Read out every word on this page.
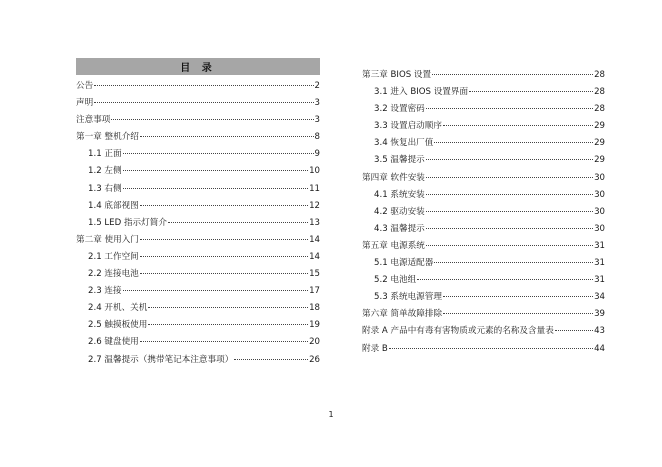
目 录
公告	2
声明	3
注意事项	3
第一章 整机介绍	8
1.1 正面	9
1.2 左侧	10
1.3 右侧	11
1.4 底部视图	12
1.5 LED 指示灯简介	13
第二章 使用入门	14
2.1 工作空间	14
2.2 连接电池	15
2.3 连接	17
2.4 开机、关机	18
2.5 触摸板使用	19
2.6 键盘使用	20
2.7 温馨提示（携带笔记本注意事项）	26
第三章 BIOS 设置	28
3.1 进入 BIOS 设置界面	28
3.2 设置密码	28
3.3 设置启动顺序	29
3.4 恢复出厂值	29
3.5 温馨提示	29
第四章 软件安装	30
4.1 系统安装	30
4.2 驱动安装	30
4.3 温馨提示	30
第五章 电源系统	31
5.1 电源适配器	31
5.2 电池组	31
5.3 系统电源管理	34
第六章 简单故障排除	39
附录 A 产品中有毒有害物质或元素的名称及含量表	43
附录 B	44
1
